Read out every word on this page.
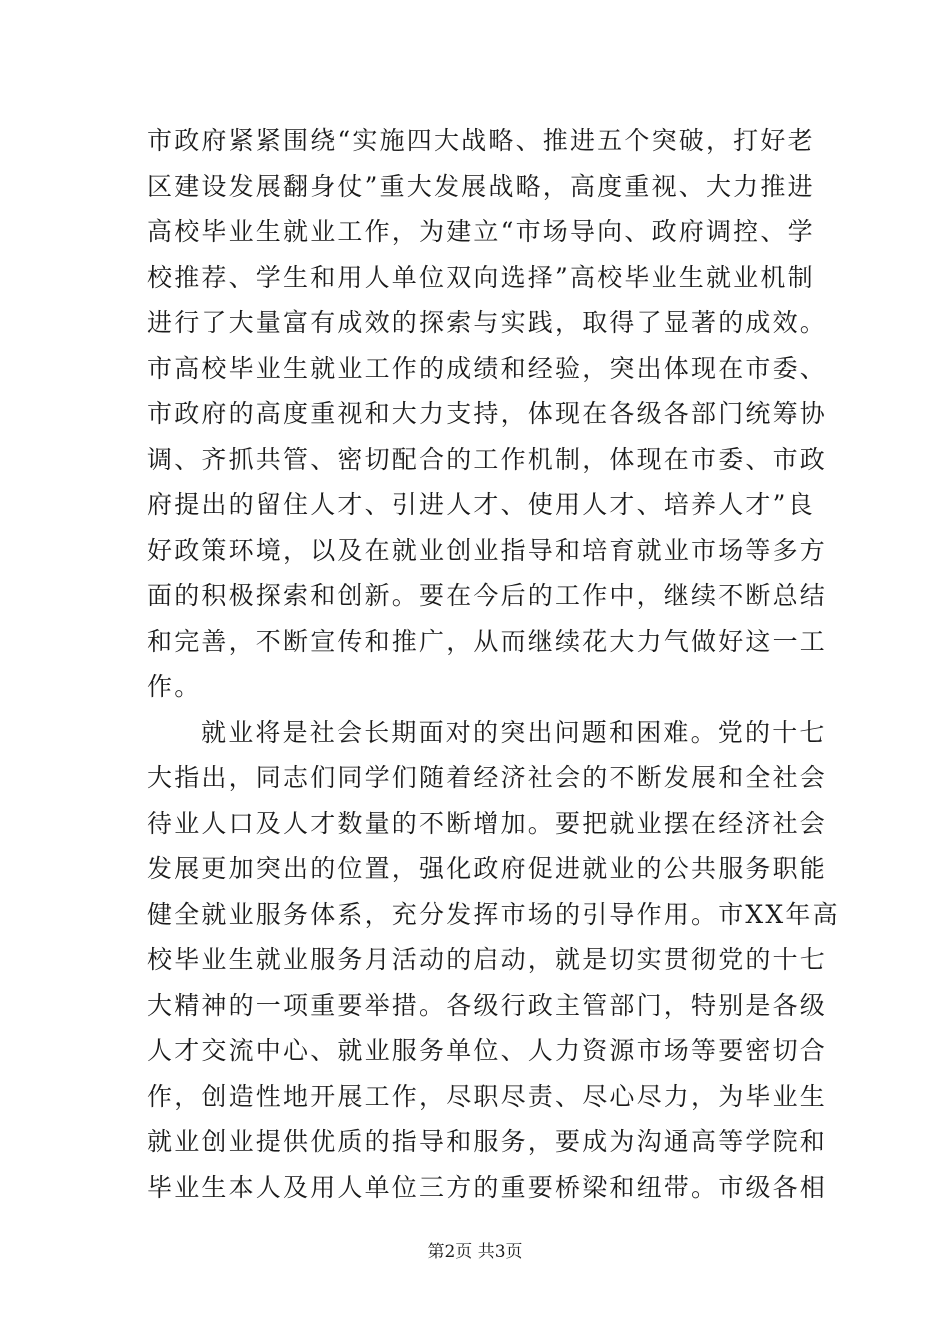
市政府紧紧围绕“实施四大战略、推进五个突破，打好老
区建设发展翻身仗”重大发展战略，高度重视、大力推进
高校毕业生就业工作，为建立“市场导向、政府调控、学
校推荐、学生和用人单位双向选择”高校毕业生就业机制
进行了大量富有成效的探索与实践，取得了显著的成效。
市高校毕业生就业工作的成绩和经验，突出体现在市委、
市政府的高度重视和大力支持，体现在各级各部门统筹协
调、齐抓共管、密切配合的工作机制，体现在市委、市政
府提出的留住人才、引进人才、使用人才、培养人才”良
好政策环境，以及在就业创业指导和培育就业市场等多方
面的积极探索和创新。要在今后的工作中，继续不断总结
和完善，不断宣传和推广，从而继续花大力气做好这一工
作。
就业将是社会长期面对的突出问题和困难。党的十七
大指出，同志们同学们随着经济社会的不断发展和全社会
待业人口及人才数量的不断增加。要把就业摆在经济社会
发展更加突出的位置，强化政府促进就业的公共服务职能
健全就业服务体系，充分发挥市场的引导作用。市XX年高
校毕业生就业服务月活动的启动，就是切实贯彻党的十七
大精神的一项重要举措。各级行政主管部门，特别是各级
人才交流中心、就业服务单位、人力资源市场等要密切合
作，创造性地开展工作，尽职尽责、尽心尽力，为毕业生
就业创业提供优质的指导和服务，要成为沟通高等学院和
毕业生本人及用人单位三方的重要桥梁和纽带。市级各相
第2页 共3页
